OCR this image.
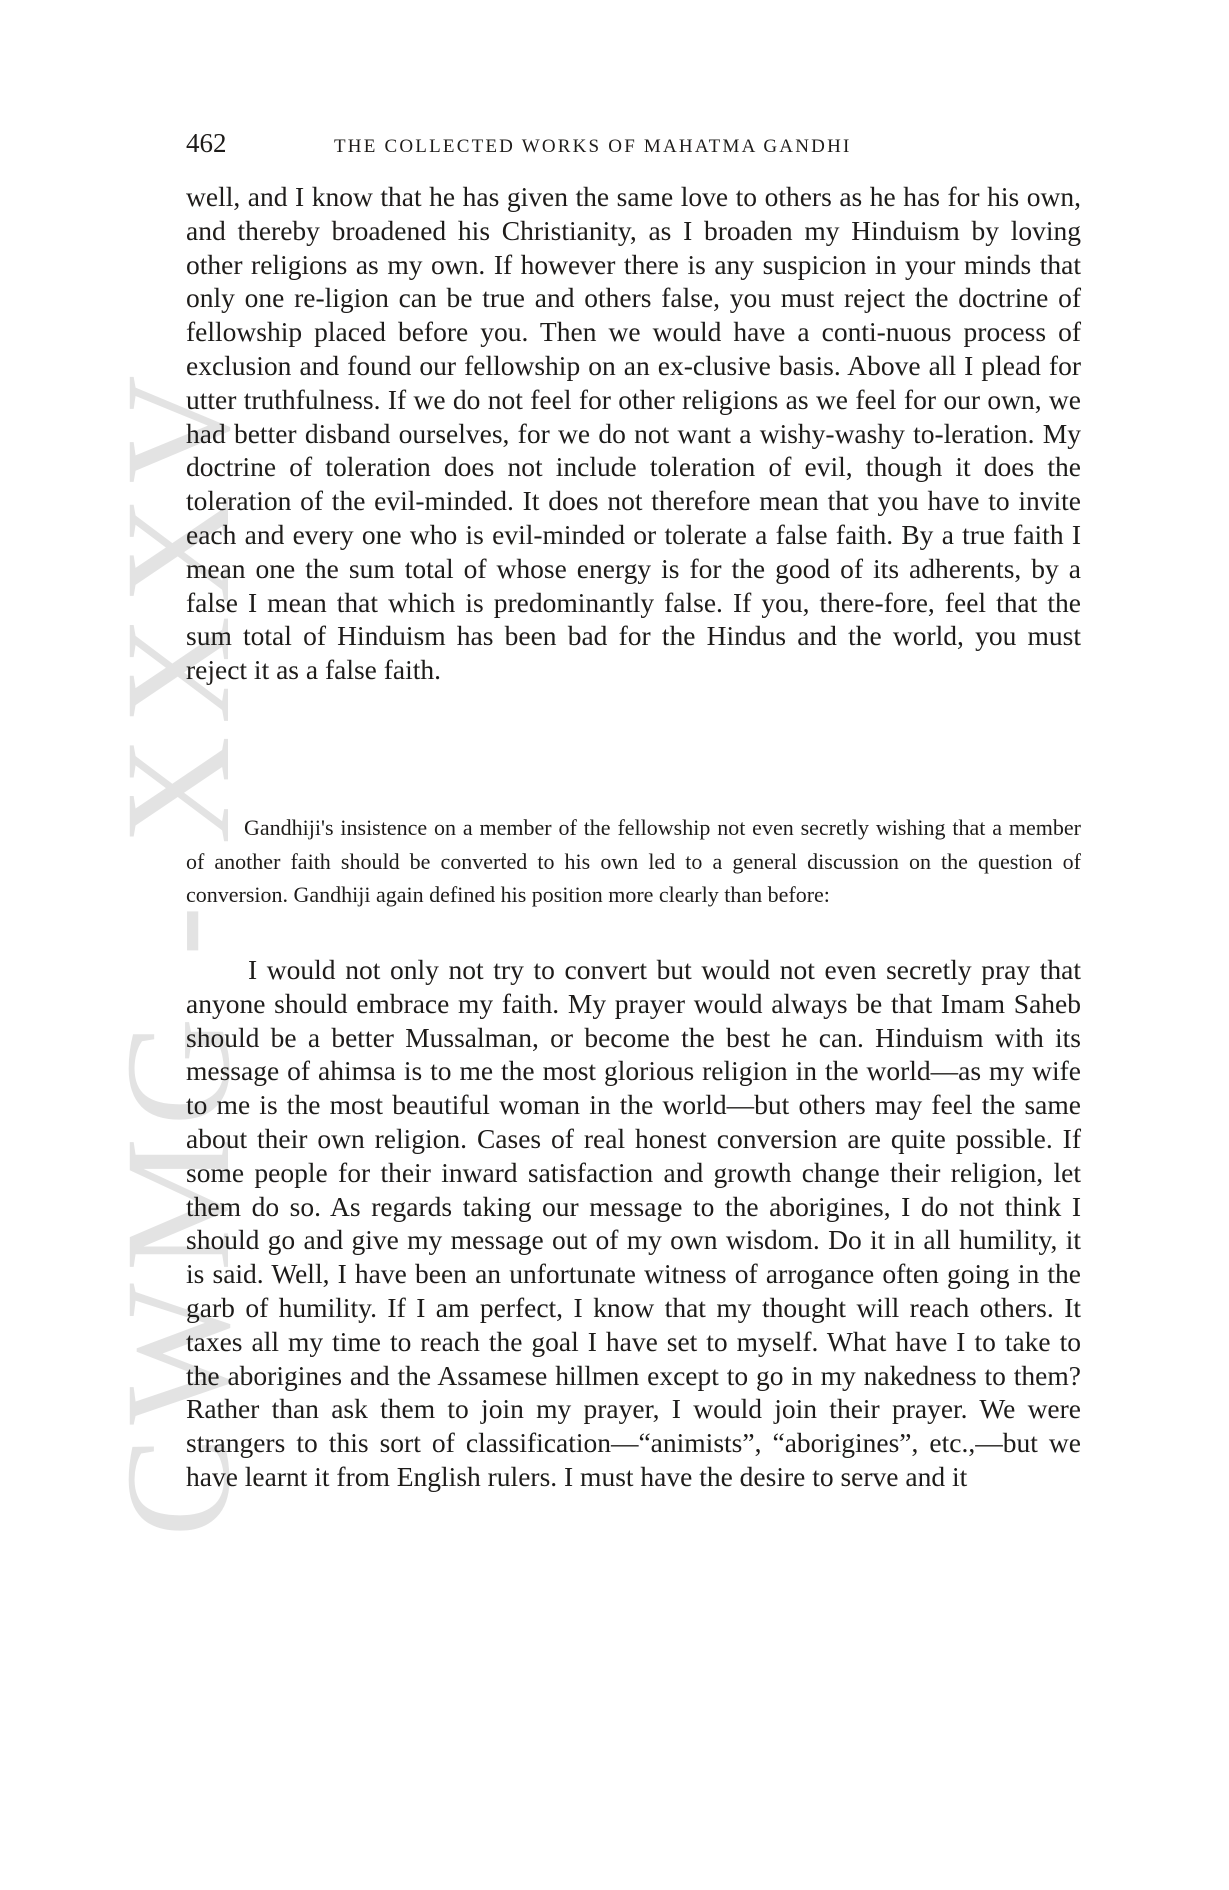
CWMG - XXXV
462	THE COLLECTED WORKS OF MAHATMA GANDHI

well, and I know that he has given the same love to others as he has for his own, and thereby broadened his Christianity, as I broaden my Hinduism by loving other religions as my own. If however there is any suspicion in your minds that only one re-ligion can be true and others false, you must reject the doctrine of fellowship placed before you. Then we would have a conti-nuous process of exclusion and found our fellowship on an ex-clusive basis. Above all I plead for utter truthfulness. If we do not feel for other religions as we feel for our own, we had better disband ourselves, for we do not want a wishy-washy to-leration. My doctrine of toleration does not include toleration of evil, though it does the toleration of the evil-minded. It does not therefore mean that you have to invite each and every one who is evil-minded or tolerate a false faith. By a true faith I mean one the sum total of whose energy is for the good of its adherents, by a false I mean that which is predominantly false. If you, there-fore, feel that the sum total of Hinduism has been bad for the Hindus and the world, you must reject it as a false faith.

Gandhiji's insistence on a member of the fellowship not even secretly wishing that a member of another faith should be converted to his own led to a general discussion on the question of conversion. Gandhiji again defined his position more clearly than before:

I would not only not try to convert but would not even secretly pray that anyone should embrace my faith. My prayer would always be that Imam Saheb should be a better Mussalman, or become the best he can. Hinduism with its message of ahimsa is to me the most glorious religion in the world—as my wife to me is the most beautiful woman in the world—but others may feel the same about their own religion. Cases of real honest conversion are quite possible. If some people for their inward satisfaction and growth change their religion, let them do so. As regards taking our message to the aborigines, I do not think I should go and give my message out of my own wisdom. Do it in all humility, it is said. Well, I have been an unfortunate witness of arrogance often going in the garb of humility. If I am perfect, I know that my thought will reach others. It taxes all my time to reach the goal I have set to myself. What have I to take to the aborigines and the Assamese hillmen except to go in my nakedness to them? Rather than ask them to join my prayer, I would join their prayer. We were strangers to this sort of classification—“animists”, “aborigines”, etc.,—but we have learnt it from English rulers. I must have the desire to serve and it
